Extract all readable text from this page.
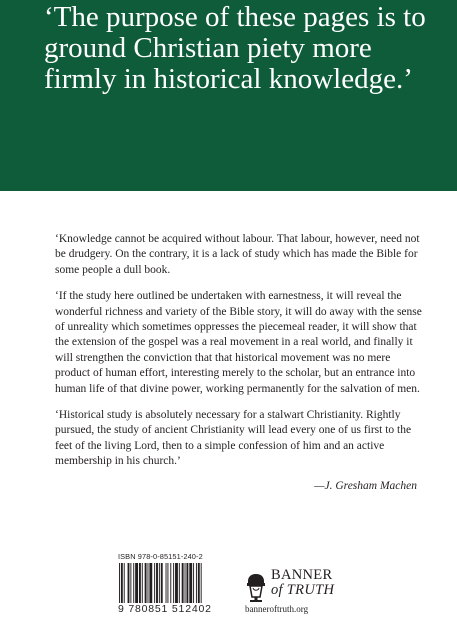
‘The purpose of these pages is to ground Christian piety more firmly in historical knowledge.’

‘Knowledge cannot be acquired without labour. That labour, however, need not be drudgery. On the contrary, it is a lack of study which has made the Bible for some people a dull book.

‘If the study here outlined be undertaken with earnestness, it will reveal the wonderful richness and variety of the Bible story, it will do away with the sense of unreality which sometimes oppresses the piecemeal reader, it will show that the extension of the gospel was a real movement in a real world, and finally it will strengthen the conviction that that historical movement was no mere product of human effort, interesting merely to the scholar, but an entrance into human life of that divine power, working permanently for the salvation of men.

‘Historical study is absolutely necessary for a stalwart Christianity. Rightly pursued, the study of ancient Christianity will lead every one of us first to the feet of the living Lord, then to a simple confession of him and an active membership in his church.’

—J. Gresham Machen
ISBN 978-0-85151-240-2
9 780851 512402
BANNER
of TRUTH
banneroftruth.org
